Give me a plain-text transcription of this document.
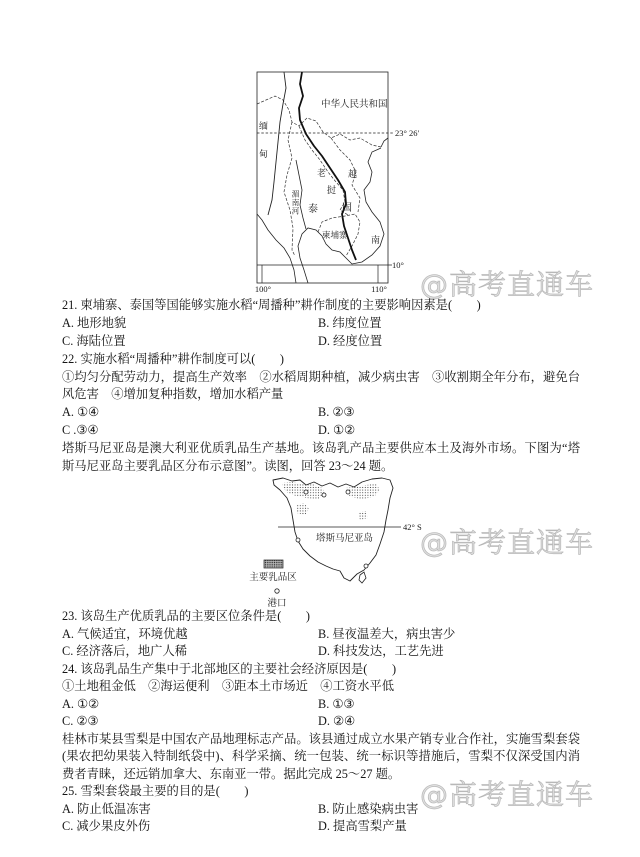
中华人民共和国
23° 26′
缅
甸
老
挝
越
泰 国
柬埔寨	南
10°
100°	110°
湄南河
@高考直通车
21. 柬埔寨、泰国等国能够实施水稻“周播种”耕作制度的主要影响因素是(　　)
A. 地形地貌	B. 纬度位置
C. 海陆位置	D. 经度位置
22. 实施水稻“周播种”耕作制度可以(　　)
①均匀分配劳动力，提高生产效率　②水稻周期种植，减少病虫害　③收割期全年分布，避免台
风危害　④增加复种指数，增加水稻产量
A. ①④	B. ②③
C .③④	D. ①②
塔斯马尼亚岛是澳大利亚优质乳品生产基地。该岛乳产品主要供应本土及海外市场。下图为“塔
斯马尼亚岛主要乳品区分布示意图”。读图，回答 23～24 题。
42° S
塔斯马尼亚岛
主要乳品区
港口
@高考直通车
23. 该岛生产优质乳品的主要区位条件是(　　)
A. 气候适宜，环境优越	B. 昼夜温差大，病虫害少
C. 经济落后，地广人稀	D. 科技发达，工艺先进
24. 该岛乳品生产集中于北部地区的主要社会经济原因是(　　)
①土地租金低　②海运便利　③距本土市场近　④工资水平低
A. ①②	B. ①③
C. ②③	D. ②④
桂林市某县雪梨是中国农产品地理标志产品。该县通过成立水果产销专业合作社，实施雪梨套袋
(果农把幼果装入特制纸袋中)、科学采摘、统一包装、统一标识等措施后，雪梨不仅深受国内消
费者青睐，还远销加拿大、东南亚一带。据此完成 25～27 题。
25. 雪梨套袋最主要的目的是(　　)
A. 防止低温冻害	B. 防止感染病虫害
C. 减少果皮外伤	D. 提高雪梨产量
@高考直通车
